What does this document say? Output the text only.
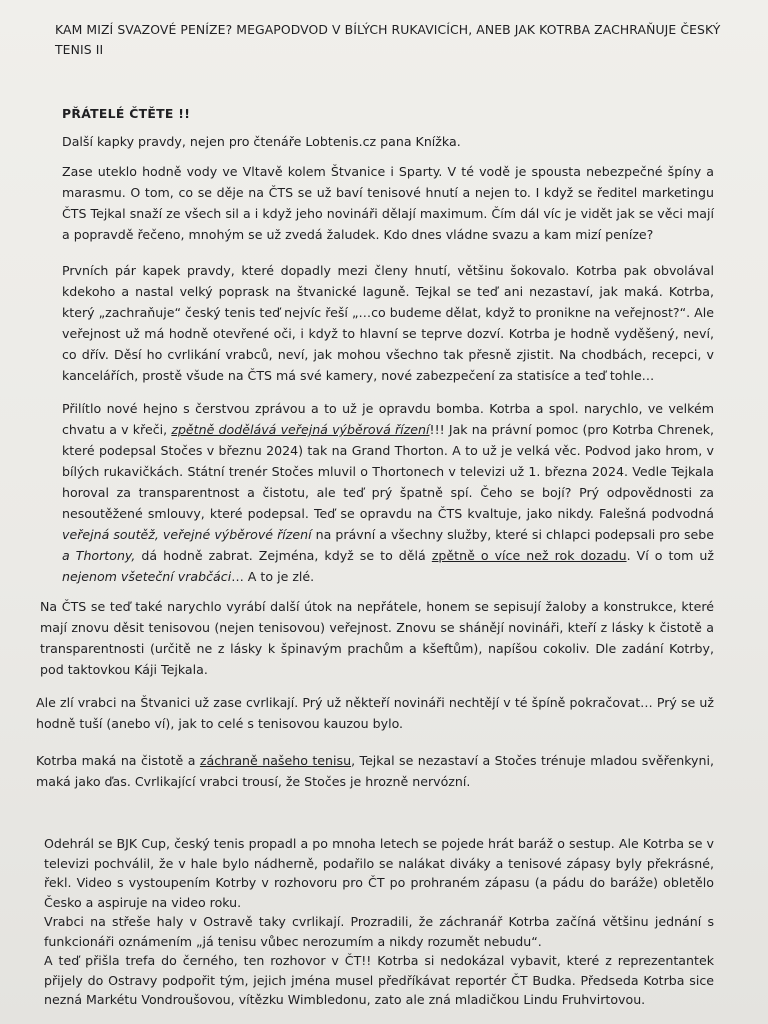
KAM MIZÍ SVAZOVÉ PENÍZE? MEGAPODVOD V BÍLÝCH RUKAVICÍCH, ANEB JAK KOTRBA ZACHRAŇUJE ČESKÝ TENIS II
PŘÁTELÉ ČTĚTE !!
Další kapky pravdy, nejen pro čtenáře Lobtenis.cz pana Knížka.
Zase uteklo hodně vody ve Vltavě kolem Štvanice i Sparty. V té vodě je spousta nebezpečné špíny a marasmu. O tom, co se děje na ČTS se už baví tenisové hnutí a nejen to. I když se ředitel marketingu ČTS Tejkal snaží ze všech sil a i když jeho novináři dělají maximum. Čím dál víc je vidět jak se věci mají a popravdě řečeno, mnohým se už zvedá žaludek. Kdo dnes vládne svazu a kam mizí peníze?
Prvních pár kapek pravdy, které dopadly mezi členy hnutí, většinu šokovalo. Kotrba pak obvolával kdekoho a nastal velký poprask na štvanické laguně. Tejkal se teď ani nezastaví, jak maká. Kotrba, který „zachraňuje“ český tenis teď nejvíc řeší „…co budeme dělat, když to pronikne na veřejnost?“. Ale veřejnost už má hodně otevřené oči, i když to hlavní se teprve dozví. Kotrba je hodně vyděšený, neví, co dřív. Děsí ho cvrlikání vrabců, neví, jak mohou všechno tak přesně zjistit. Na chodbách, recepci, v kancelářích, prostě všude na ČTS má své kamery, nové zabezpečení za statisíce a teď tohle…
Přilítlo nové hejno s čerstvou zprávou a to už je opravdu bomba. Kotrba a spol. narychlo, ve velkém chvatu a v křeči, zpětně dodělává veřejná výběrová řízení!!! Jak na právní pomoc (pro Kotrba Chrenek, které podepsal Stočes v březnu 2024) tak na Grand Thorton. A to už je velká věc. Podvod jako hrom, v bílých rukavičkách. Státní trenér Stočes mluvil o Thortonech v televizi už 1. března 2024. Vedle Tejkala horoval za transparentnost a čistotu, ale teď prý špatně spí. Čeho se bojí? Prý odpovědnosti za nesoutěžené smlouvy, které podepsal. Teď se opravdu na ČTS kvaltuje, jako nikdy. Falešná podvodná veřejná soutěž, veřejné výběrové řízení na právní a všechny služby, které si chlapci podepsali pro sebe a Thortony, dá hodně zabrat. Zejména, když se to dělá zpětně o více než rok dozadu. Ví o tom už nejenom všeteční vrabčáci… A to je zlé.
Na ČTS se teď také narychlo vyrábí další útok na nepřátele, honem se sepisují žaloby a konstrukce, které mají znovu děsit tenisovou (nejen tenisovou) veřejnost. Znovu se shánějí novináři, kteří z lásky k čistotě a transparentnosti (určitě ne z lásky k špinavým prachům a kšeftům), napíšou cokoliv. Dle zadání Kotrby, pod taktovkou Káji Tejkala.
Ale zlí vrabci na Štvanici už zase cvrlikají. Prý už někteří novináři nechtějí v té špíně pokračovat… Prý se už hodně tuší (anebo ví), jak to celé s tenisovou kauzou bylo.
Kotrba maká na čistotě a záchraně našeho tenisu, Tejkal se nezastaví a Stočes trénuje mladou svěřenkyni, maká jako ďas. Cvrlikající vrabci trousí, že Stočes je hrozně nervózní.
Odehrál se BJK Cup, český tenis propadl a po mnoha letech se pojede hrát baráž o sestup. Ale Kotrba se v televizi pochválil, že v hale bylo nádherně, podařilo se nalákat diváky a tenisové zápasy byly překrásné, řekl. Video s vystoupením Kotrby v rozhovoru pro ČT po prohraném zápasu (a pádu do baráže) obletělo Česko a aspiruje na video roku.
Vrabci na střeše haly v Ostravě taky cvrlikají. Prozradili, že záchranář Kotrba začíná většinu jednání s funkcionáři oznámením „já tenisu vůbec nerozumím a nikdy rozumět nebudu“.
A teď přišla trefa do černého, ten rozhovor v ČT!! Kotrba si nedokázal vybavit, které z reprezentantek přijely do Ostravy podpořit tým, jejich jména musel předříkávat reportér ČT Budka. Předseda Kotrba sice nezná Markétu Vondroušovou, vítězku Wimbledonu, zato ale zná mladičkou Lindu Fruhvirtovou.
